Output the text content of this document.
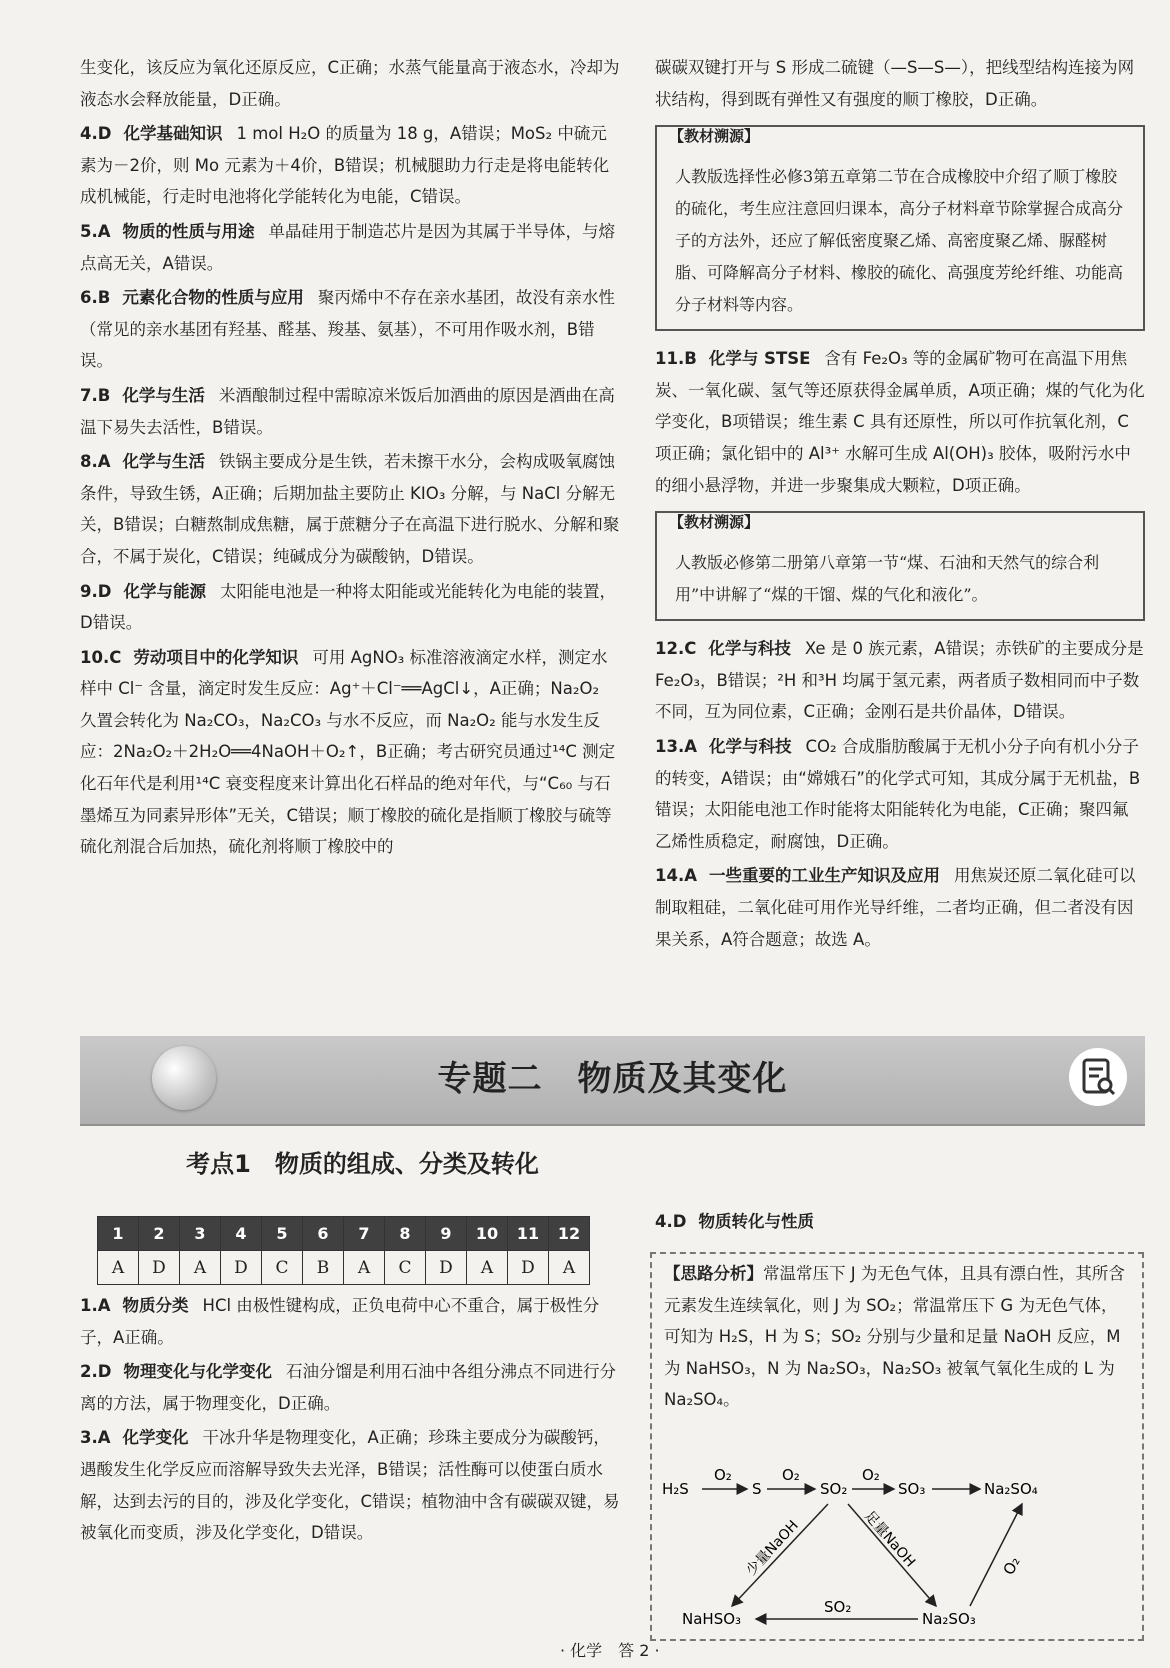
生变化，该反应为氧化还原反应，C正确；水蒸气能量高于液态水，冷却为液态水会释放能量，D正确。

4.D 化学基础知识 1 mol H₂O 的质量为 18 g，A错误；MoS₂ 中硫元素为－2价，则 Mo 元素为＋4价，B错误；机械腿助力行走是将电能转化成机械能，行走时电池将化学能转化为电能，C错误。

5.A 物质的性质与用途 单晶硅用于制造芯片是因为其属于半导体，与熔点高无关，A错误。

6.B 元素化合物的性质与应用 聚丙烯中不存在亲水基团，故没有亲水性（常见的亲水基团有羟基、醛基、羧基、氨基），不可用作吸水剂，B错误。

7.B 化学与生活 米酒酿制过程中需晾凉米饭后加酒曲的原因是酒曲在高温下易失去活性，B错误。

8.A 化学与生活 铁锅主要成分是生铁，若未擦干水分，会构成吸氧腐蚀条件，导致生锈，A正确；后期加盐主要防止 KIO₃ 分解，与 NaCl 分解无关，B错误；白糖熬制成焦糖，属于蔗糖分子在高温下进行脱水、分解和聚合，不属于炭化，C错误；纯碱成分为碳酸钠，D错误。

9.D 化学与能源 太阳能电池是一种将太阳能或光能转化为电能的装置，D错误。

10.C 劳动项目中的化学知识 可用 AgNO₃ 标准溶液滴定水样，测定水样中 Cl⁻ 含量，滴定时发生反应：Ag⁺＋Cl⁻══AgCl↓，A正确；Na₂O₂ 久置会转化为 Na₂CO₃，Na₂CO₃ 与水不反应，而 Na₂O₂ 能与水发生反应：2Na₂O₂＋2H₂O══4NaOH＋O₂↑，B正确；考古研究员通过¹⁴C 测定化石年代是利用¹⁴C 衰变程度来计算出化石样品的绝对年代，与“C₆₀ 与石墨烯互为同素异形体”无关，C错误；顺丁橡胶的硫化是指顺丁橡胶与硫等硫化剂混合后加热，硫化剂将顺丁橡胶中的

碳碳双键打开与 S 形成二硫键（—S—S—），把线型结构连接为网状结构，得到既有弹性又有强度的顺丁橡胶，D正确。

【教材溯源】
人教版选择性必修3第五章第二节在合成橡胶中介绍了顺丁橡胶的硫化，考生应注意回归课本，高分子材料章节除掌握合成高分子的方法外，还应了解低密度聚乙烯、高密度聚乙烯、脲醛树脂、可降解高分子材料、橡胶的硫化、高强度芳纶纤维、功能高分子材料等内容。

11.B 化学与 STSE 含有 Fe₂O₃ 等的金属矿物可在高温下用焦炭、一氧化碳、氢气等还原获得金属单质，A项正确；煤的气化为化学变化，B项错误；维生素 C 具有还原性，所以可作抗氧化剂，C项正确；氯化铝中的 Al³⁺ 水解可生成 Al(OH)₃ 胶体，吸附污水中的细小悬浮物，并进一步聚集成大颗粒，D项正确。

【教材溯源】
人教版必修第二册第八章第一节“煤、石油和天然气的综合利用”中讲解了“煤的干馏、煤的气化和液化”。

12.C 化学与科技 Xe 是 0 族元素，A错误；赤铁矿的主要成分是 Fe₂O₃，B错误；²H 和³H 均属于氢元素，两者质子数相同而中子数不同，互为同位素，C正确；金刚石是共价晶体，D错误。

13.A 化学与科技 CO₂ 合成脂肪酸属于无机小分子向有机小分子的转变，A错误；由“嫦娥石”的化学式可知，其成分属于无机盐，B错误；太阳能电池工作时能将太阳能转化为电能，C正确；聚四氟乙烯性质稳定，耐腐蚀，D正确。

14.A 一些重要的工业生产知识及应用 用焦炭还原二氧化硅可以制取粗硅，二氧化硅可用作光导纤维，二者均正确，但二者没有因果关系，A符合题意；故选 A。

专题二　物质及其变化
考点1　物质的组成、分类及转化
1	2	3	4	5	6	7	8	9	10	11	12
A	D	A	D	C	B	A	C	D	A	D	A

1.A 物质分类 HCl 由极性键构成，正负电荷中心不重合，属于极性分子，A正确。

2.D 物理变化与化学变化 石油分馏是利用石油中各组分沸点不同进行分离的方法，属于物理变化，D正确。

3.A 化学变化 干冰升华是物理变化，A正确；珍珠主要成分为碳酸钙，遇酸发生化学反应而溶解导致失去光泽，B错误；活性酶可以使蛋白质水解，达到去污的目的，涉及化学变化，C错误；植物油中含有碳碳双键，易被氧化而变质，涉及化学变化，D错误。

4.D 物质转化与性质

【思路分析】常温常压下 J 为无色气体，且具有漂白性，其所含元素发生连续氧化，则 J 为 SO₂；常温常压下 G 为无色气体，可知为 H₂S，H 为 S；SO₂ 分别与少量和足量 NaOH 反应，M 为 NaHSO₃，N 为 Na₂SO₃，Na₂SO₃ 被氧气氧化生成的 L 为 Na₂SO₄。
H₂S	S	SO₂	SO₃	Na₂SO₄
NaHSO₃	Na₂SO₃
O₂	O₂	O₂
少量NaOH	足量NaOH	O₂
SO₂
· 化学　答 2 ·
